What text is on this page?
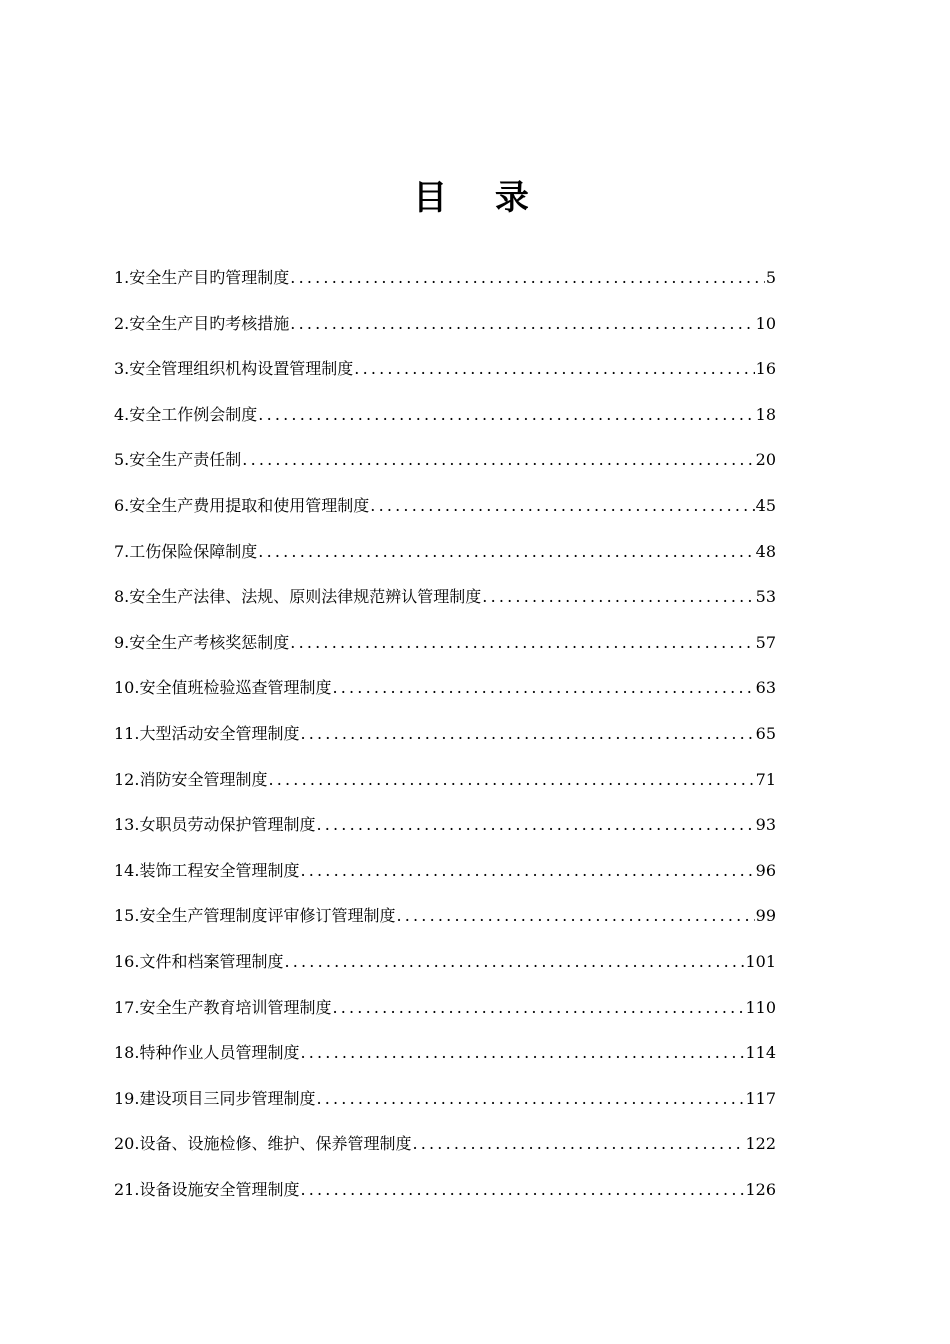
目 录
1.安全生产目旳管理制度 .....	5
2.安全生产目旳考核措施 .....	10
3.安全管理组织机构设置管理制度 .....	16
4.安全工作例会制度 .....	18
5.安全生产责任制 .....	20
6.安全生产费用提取和使用管理制度 .....	45
7.工伤保险保障制度 .....	48
8.安全生产法律、法规、原则法律规范辨认管理制度 .....	53
9.安全生产考核奖惩制度 .....	57
10.安全值班检验巡查管理制度 .....	63
11.大型活动安全管理制度 .....	65
12.消防安全管理制度 .....	71
13.女职员劳动保护管理制度 .....	93
14.装饰工程安全管理制度 .....	96
15.安全生产管理制度评审修订管理制度 .....	99
16.文件和档案管理制度 .....	101
17.安全生产教育培训管理制度 .....	110
18.特种作业人员管理制度 .....	114
19.建设项目三同步管理制度 .....	117
20.设备、设施检修、维护、保养管理制度 .....	122
21.设备设施安全管理制度 .....	126
